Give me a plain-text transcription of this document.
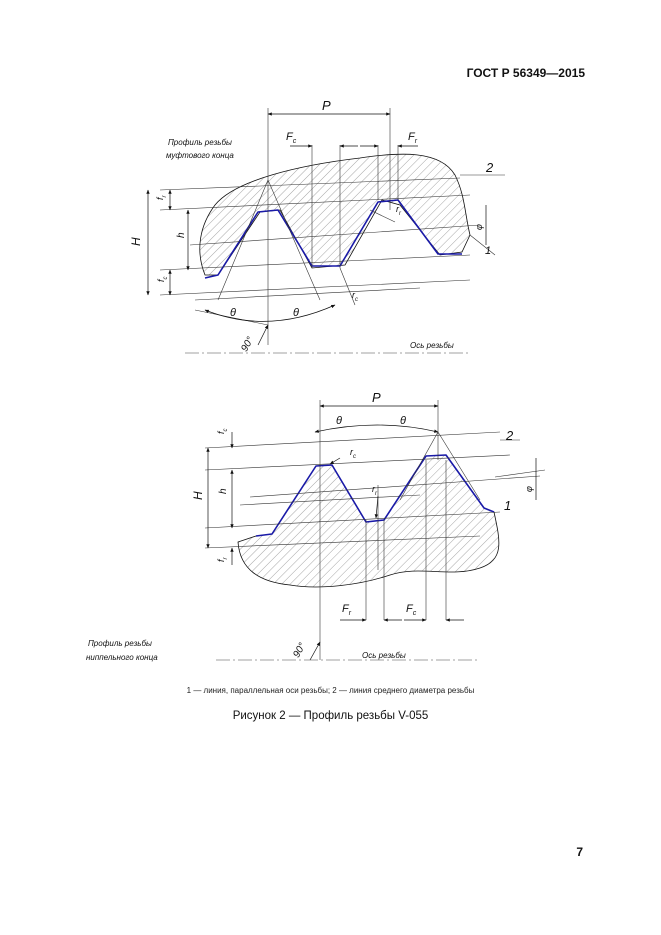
ГОСТ Р 56349—2015
Профиль резьбы
муфтового конца
Ось резьбы
P
$F_c$	$F_r$
H
h
$f_r$
$f_c$
$r_r$
$r_c$
θ	θ
90°
φ
2
1
Профиль резьбы
ниппельного конца	Ось резьбы
P
θ	θ
H
h
$f_c$
$f_r$
$r_c$
$r_r$
$F_r$	$F_c$
90°
φ
2
1
1 — линия, параллельная оси резьбы; 2 — линия среднего диаметра резьбы
Рисунок 2 — Профиль резьбы V-055
7
